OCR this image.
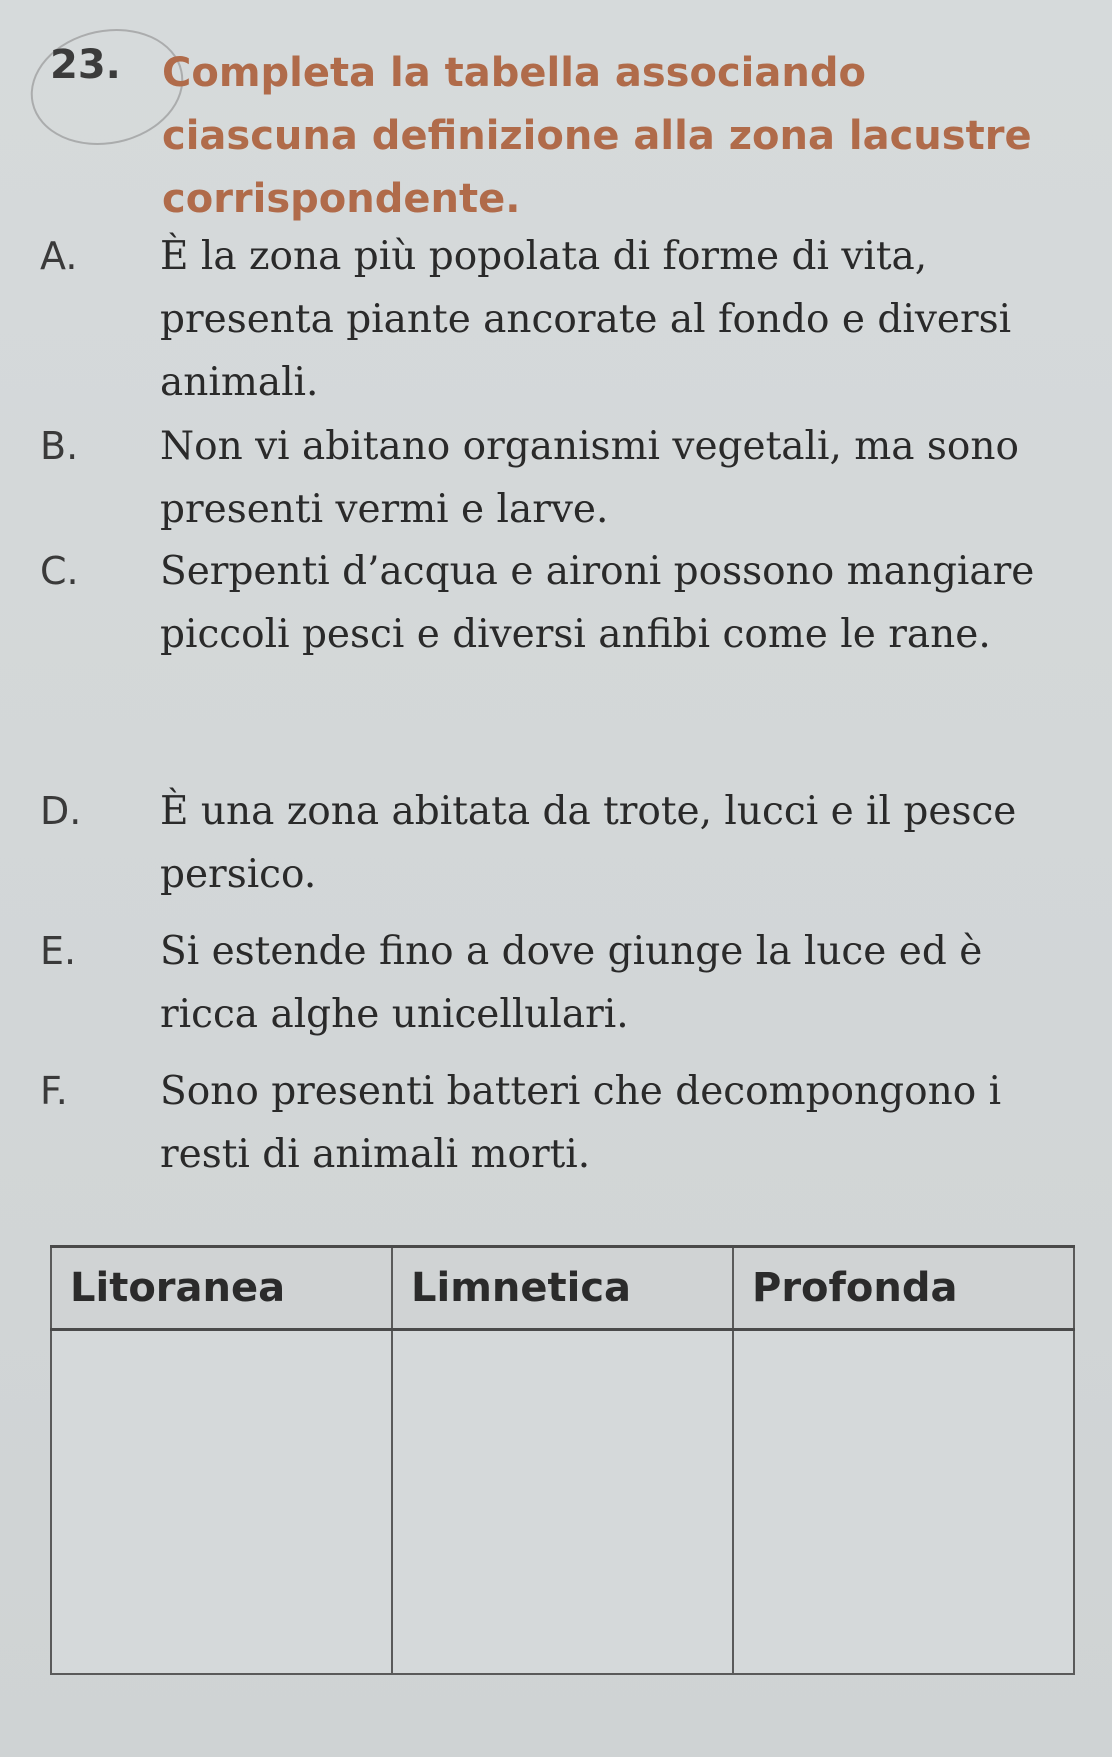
23. Completa la tabella associando ciascuna definizione alla zona lacustre corrispondente.
A.	È la zona più popolata di forme di vita, presenta piante ancorate al fondo e diversi animali.
B.	Non vi abitano organismi vegetali, ma sono presenti vermi e larve.
C.	Serpenti d’acqua e aironi possono mangiare piccoli pesci e diversi anfibi come le rane.
D.	È una zona abitata da trote, lucci e il pesce persico.
E.	Si estende fino a dove giunge la luce ed è ricca alghe unicellulari.
F.	Sono presenti batteri che decompongono i resti di animali morti.
Litoranea	Limnetica	Profonda
